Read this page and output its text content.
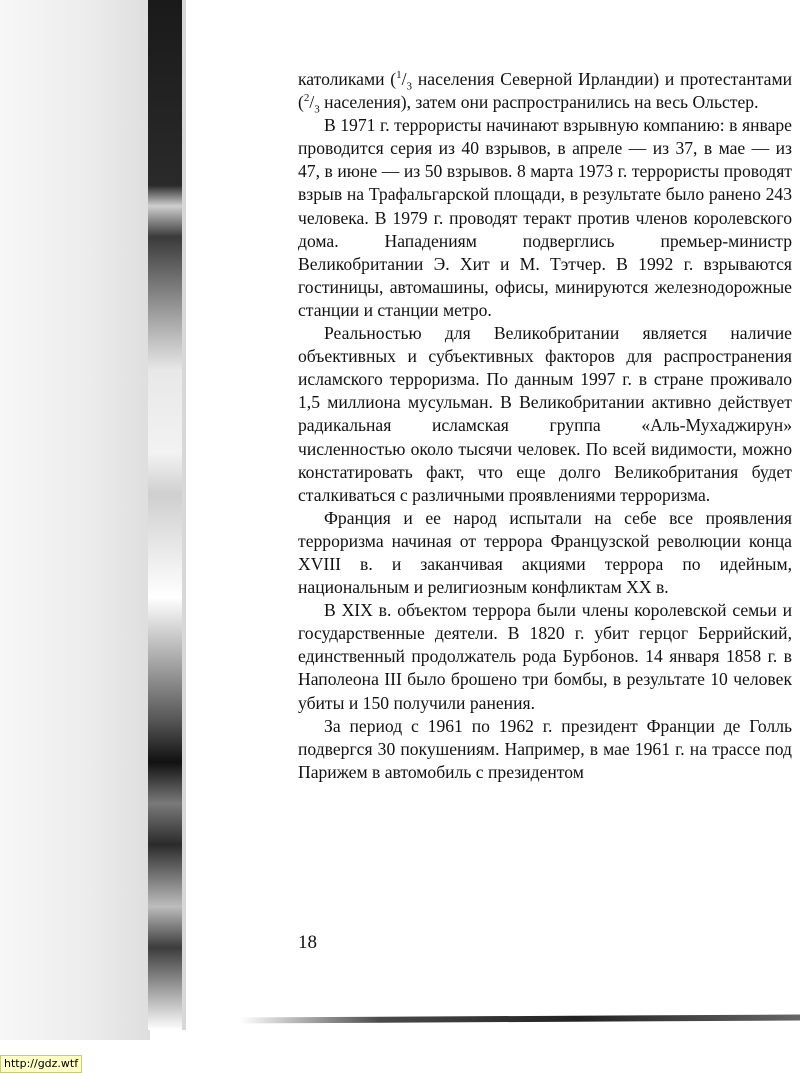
католиками ($^1/_3$ населения Северной Ирландии) и протестантами ($^2/_3$ населения), затем они распространились на весь Ольстер.

В 1971 г. террористы начинают взрывную компанию: в январе проводится серия из 40 взрывов, в апреле — из 37, в мае — из 47, в июне — из 50 взрывов. 8 марта 1973 г. террористы проводят взрыв на Трафальгарской площади, в результате было ранено 243 человека. В 1979 г. проводят теракт против членов королевского дома. Нападениям подверглись премьер-министр Великобритании Э. Хит и М. Тэтчер. В 1992 г. взрываются гостиницы, автомашины, офисы, минируются железнодорожные станции и станции метро.

Реальностью для Великобритании является наличие объективных и субъективных факторов для распространения исламского терроризма. По данным 1997 г. в стране проживало 1,5 миллиона мусульман. В Великобритании активно действует радикальная исламская группа «Аль-Мухаджирун» численностью около тысячи человек. По всей видимости, можно констатировать факт, что еще долго Великобритания будет сталкиваться с различными проявлениями терроризма.

Франция и ее народ испытали на себе все проявления терроризма начиная от террора Французской революции конца XVIII в. и заканчивая акциями террора по идейным, национальным и религиозным конфликтам XX в.

В XIX в. объектом террора были члены королевской семьи и государственные деятели. В 1820 г. убит герцог Беррийский, единственный продолжатель рода Бурбонов. 14 января 1858 г. в Наполеона III было брошено три бомбы, в результате 10 человек убиты и 150 получили ранения.

За период с 1961 по 1962 г. президент Франции де Голль подвергся 30 покушениям. Например, в мае 1961 г. на трассе под Парижем в автомобиль с президентом

18
http://gdz.wtf
